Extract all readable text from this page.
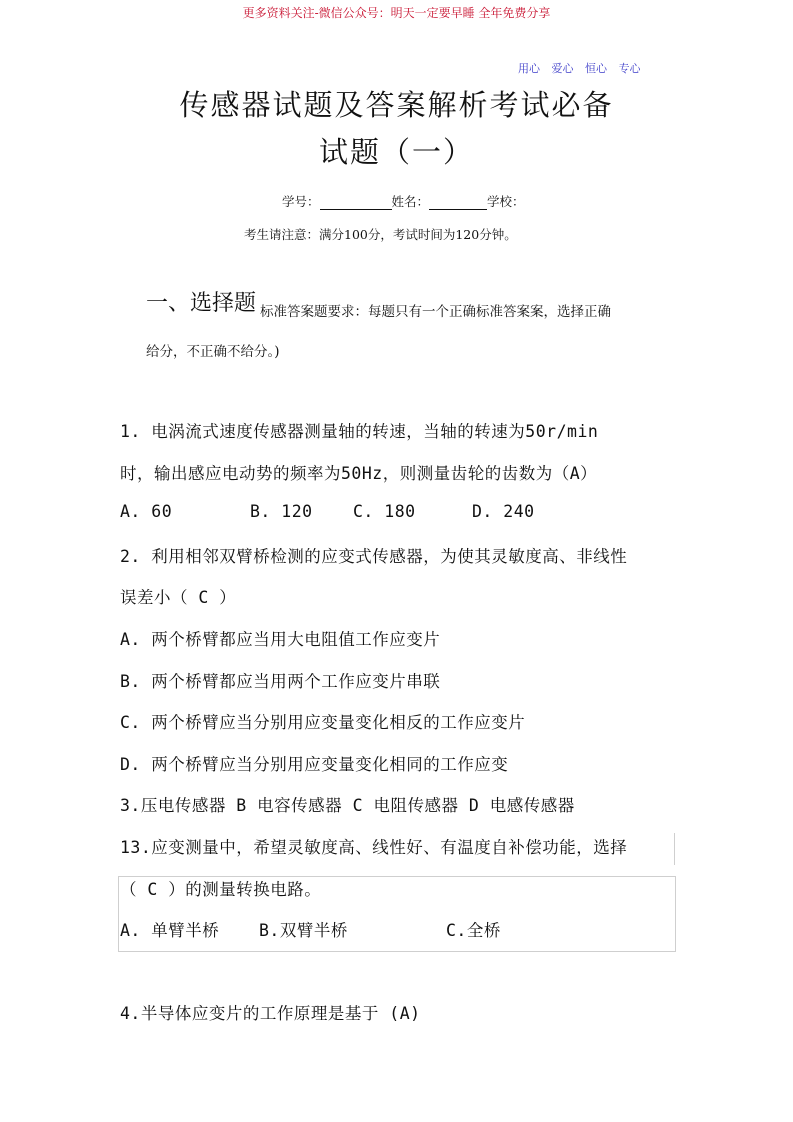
更多资料关注-微信公众号：明天一定要早睡 全年免费分享
用心 爱心 恒心 专心
传感器试题及答案解析考试必备
试题（一）
学号：	姓名：	学校：
考生请注意：满分100分，考试时间为120分钟。
一、选择题 标准答案题要求：每题只有一个正确标准答案案，选择正确
给分，不正确不给分。)
1. 电涡流式速度传感器测量轴的转速，当轴的转速为50r/min
时，输出感应电动势的频率为50Hz，则测量齿轮的齿数为（A）
A. 60	B. 120 C. 180	D. 240
2. 利用相邻双臂桥检测的应变式传感器，为使其灵敏度高、非线性
误差小（ C ）
A. 两个桥臂都应当用大电阻值工作应变片
B. 两个桥臂都应当用两个工作应变片串联
C. 两个桥臂应当分别用应变量变化相反的工作应变片
D. 两个桥臂应当分别用应变量变化相同的工作应变
3.压电传感器 B 电容传感器 C 电阻传感器 D 电感传感器
13.应变测量中，希望灵敏度高、线性好、有温度自补偿功能，选择
（ C ）的测量转换电路。
A. 单臂半桥 B.双臂半桥	C.全桥
4.半导体应变片的工作原理是基于 (A)
